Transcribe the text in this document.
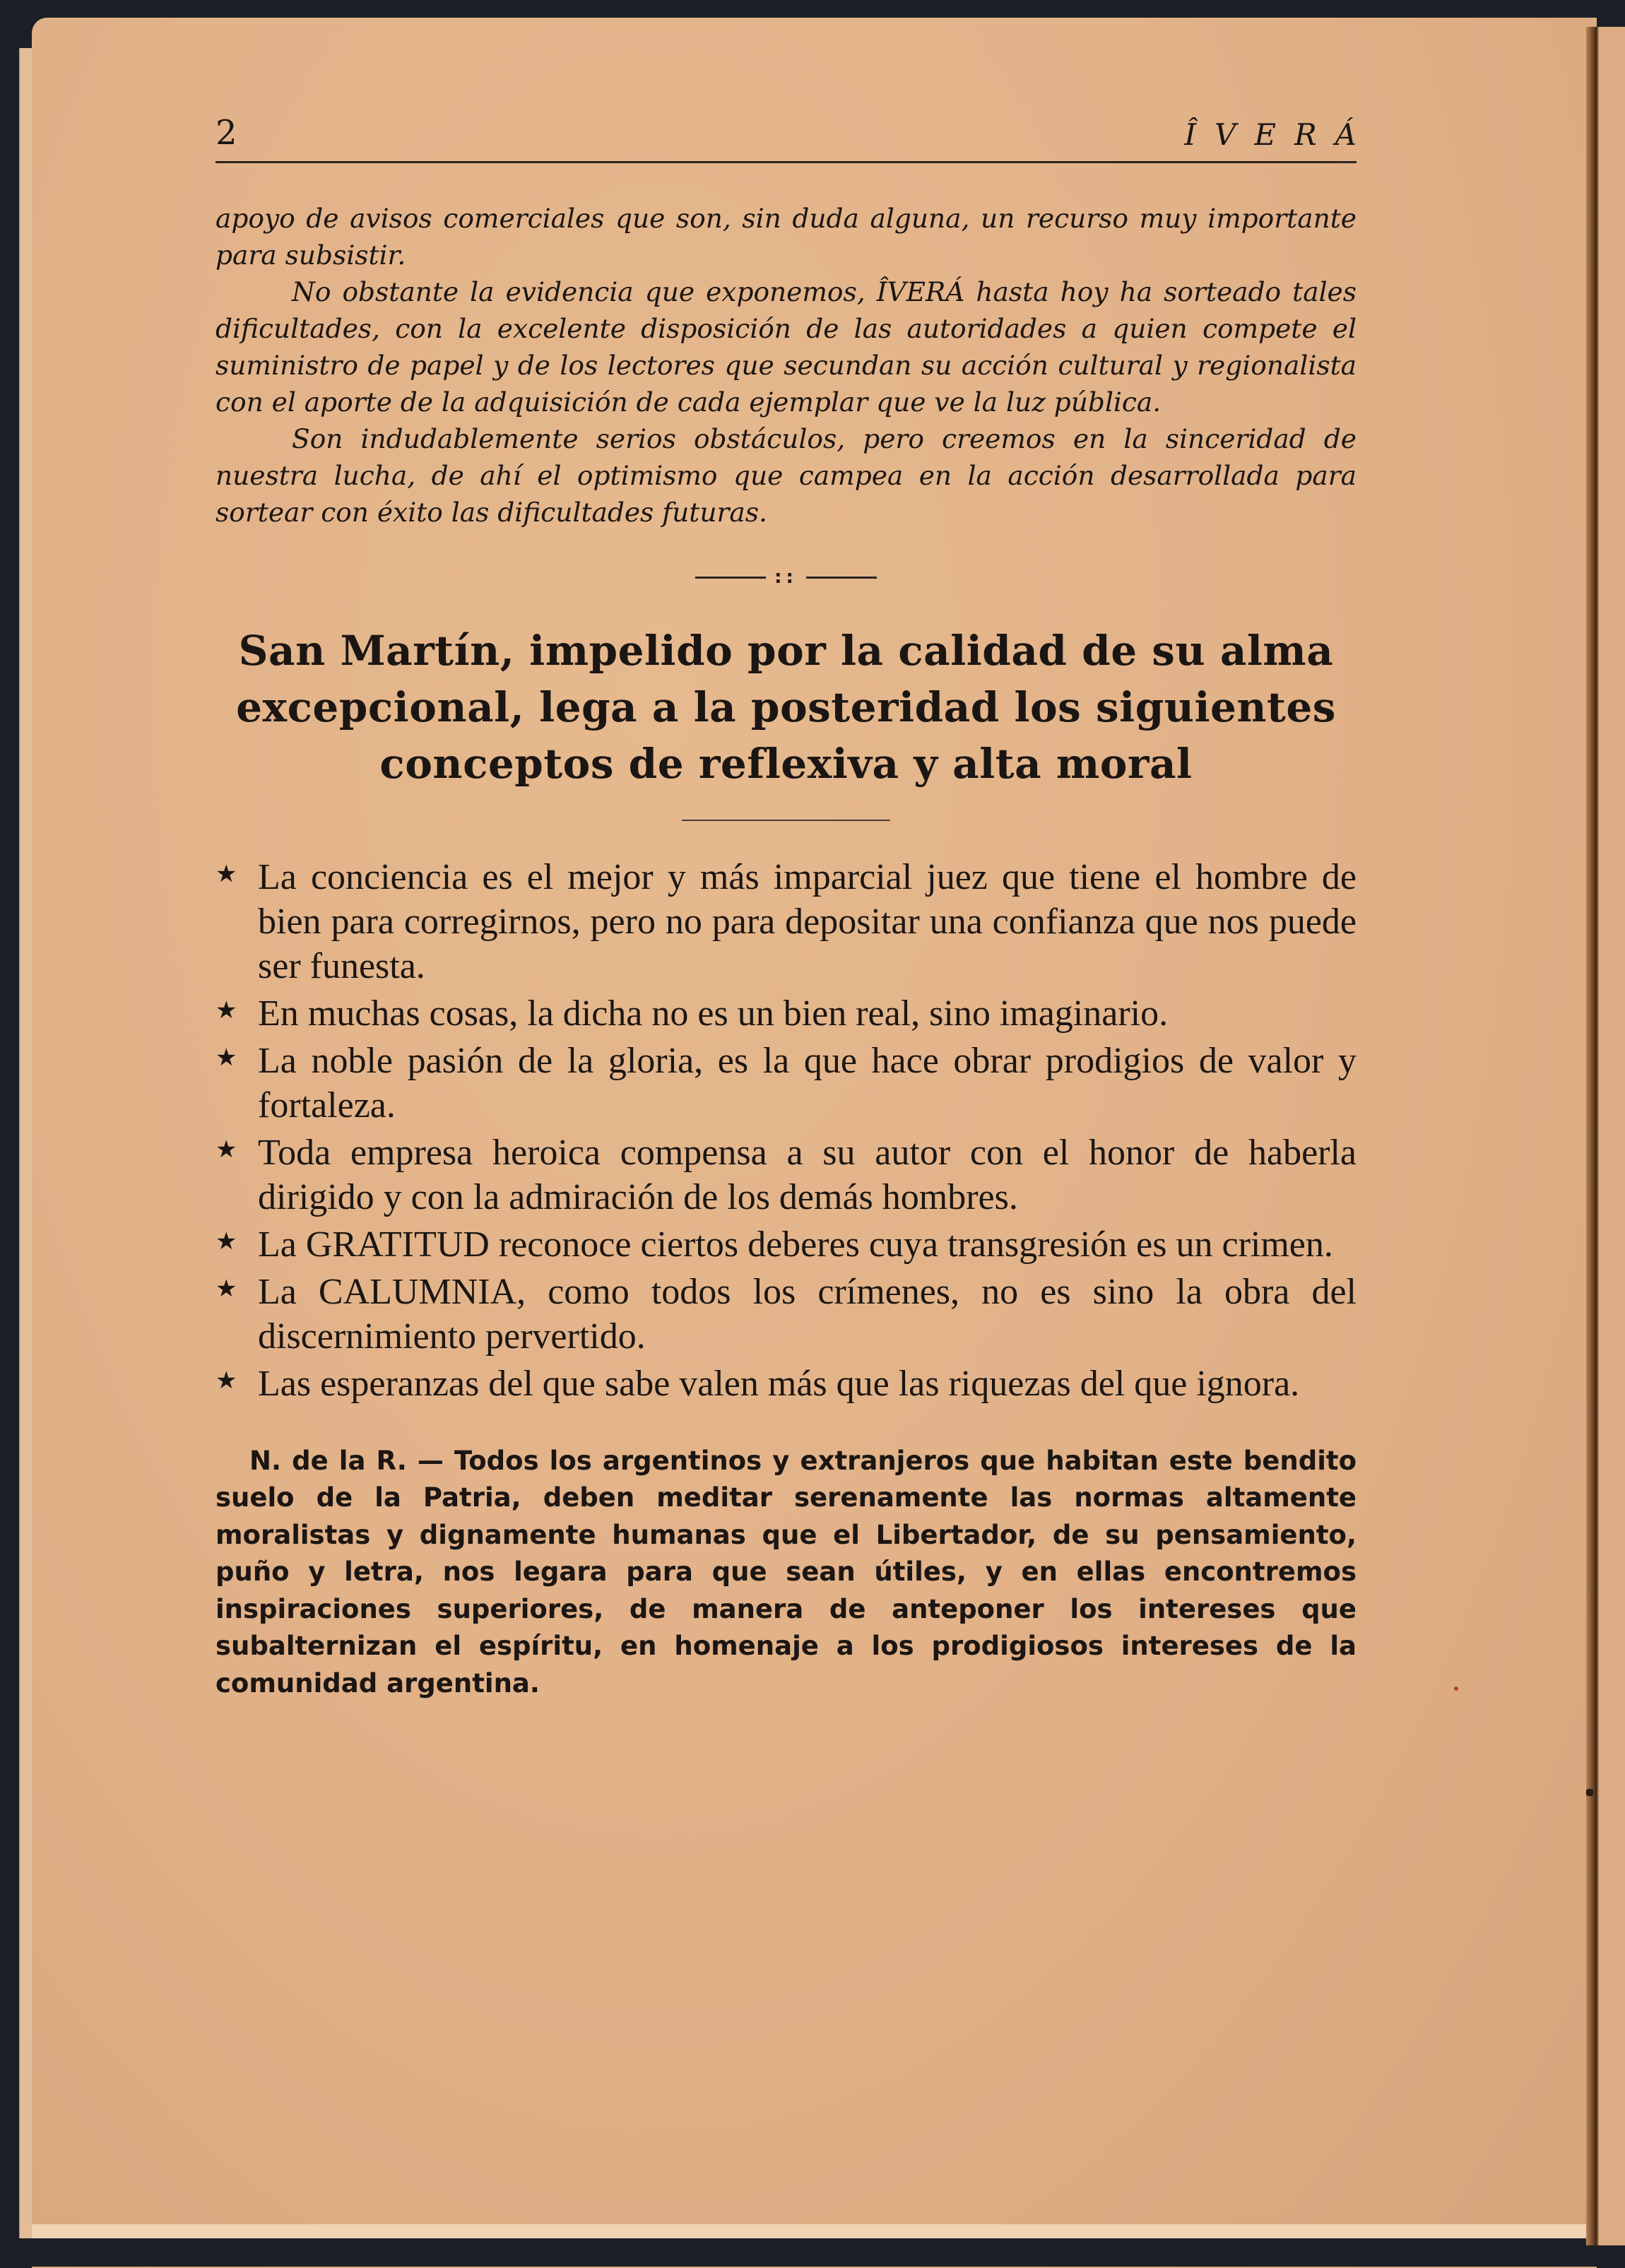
2	ÎVERÁ

apoyo de avisos comerciales que son, sin duda alguna, un recurso muy importante para subsistir.

No obstante la evidencia que exponemos, ÎVERÁ hasta hoy ha sorteado tales dificultades, con la excelente disposición de las autoridades a quien compete el suministro de papel y de los lectores que secundan su acción cultural y regionalista con el aporte de la adquisición de cada ejemplar que ve la luz pública.

Son indudablemente serios obstáculos, pero creemos en la sinceridad de nuestra lucha, de ahí el optimismo que campea en la acción desarrollada para sortear con éxito las dificultades futuras.

::
San Martín, impelido por la calidad de su alma excepcional, lega a la posteridad los siguientes conceptos de reflexiva y alta moral
★ La conciencia es el mejor y más imparcial juez que tiene el hombre de bien para corregirnos, pero no para depositar una confianza que nos puede ser funesta.
★ En muchas cosas, la dicha no es un bien real, sino imaginario.
★ La noble pasión de la gloria, es la que hace obrar prodigios de valor y fortaleza.
★ Toda empresa heroica compensa a su autor con el honor de haberla dirigido y con la admiración de los demás hombres.
★ La GRATITUD reconoce ciertos deberes cuya transgresión es un crimen.
★ La CALUMNIA, como todos los crímenes, no es sino la obra del discernimiento pervertido.
★ Las esperanzas del que sabe valen más que las riquezas del que ignora.

N. de la R. — Todos los argentinos y extranjeros que habitan este bendito suelo de la Patria, deben meditar serenamente las normas altamente moralistas y dignamente humanas que el Libertador, de su pensamiento, puño y letra, nos legara para que sean útiles, y en ellas encontremos inspiraciones superiores, de manera de anteponer los intereses que subalternizan el espíritu, en homenaje a los prodigiosos intereses de la comunidad argentina.
